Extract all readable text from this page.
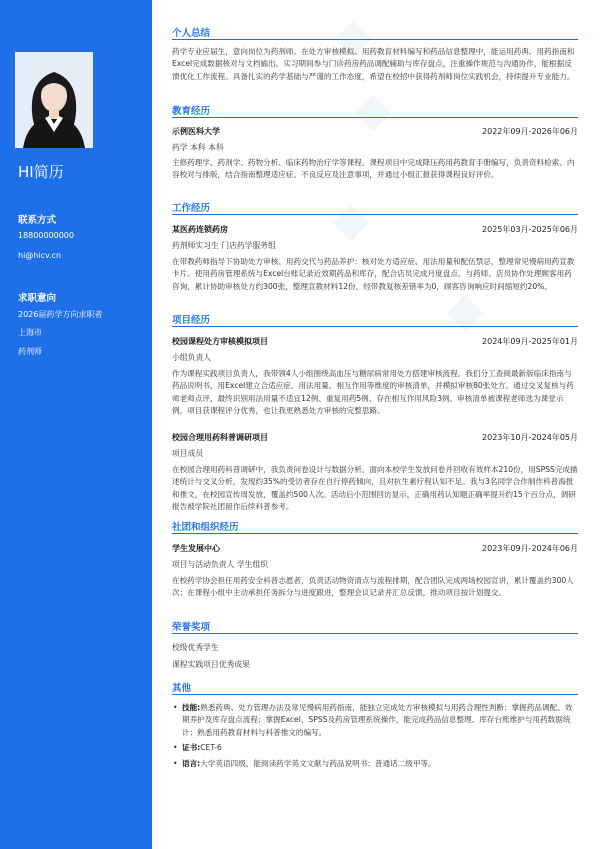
HI简历
联系方式
18800000000
hi@hicv.cn
求职意向
2026届药学方向求职者
上海市
药剂师
个人总结
药学专业应届生，意向岗位为药剂师。在处方审核模拟、用药教育材料编写和药品信息整理中，能运用药典、用药指南和Excel完成数据核对与文档输出。实习期间参与门诊药房药品调配辅助与库存盘点，注重操作规范与沟通协作，能根据反馈优化工作流程。具备扎实的药学基础与严谨的工作态度，希望在校招中获得药剂师岗位实践机会，持续提升专业能力。
教育经历
示例医科大学	2022年09月-2026年06月
药学 本科 本科
主修药理学、药剂学、药物分析、临床药物治疗学等课程。课程项目中完成降压药用药教育手册编写，负责资料检索、内容校对与排版，结合指南整理适应症、不良反应及注意事项，并通过小组汇报获得课程良好评价。
工作经历
某医药连锁药房	2025年03月-2025年06月
药剂师实习生 门店药学服务组
在带教药师指导下协助处方审核、用药交代与药品养护：核对处方适应症、用法用量和配伍禁忌，整理常见慢病用药宣教卡片。使用药房管理系统与Excel台账记录近效期药品和库存，配合店员完成月度盘点。与药师、店员协作处理顾客用药咨询，累计协助审核处方约300张，整理宣教材料12份，经带教复核差错率为0，顾客咨询响应时间缩短约20%。
项目经历
校园课程处方审核模拟项目	2024年09月-2025年01月
小组负责人
作为课程实践项目负责人，我带领4人小组围绕高血压与糖尿病常用处方搭建审核流程。我们分工查阅最新版临床指南与药品说明书，用Excel建立合适应症、用法用量、相互作用等维度的审核清单，并模拟审核80张处方。通过交叉复核与药师老师点评，最终识别用法用量不适宜12例、重复用药5例、存在相互作用风险3例。审核清单被课程老师选为课堂示例，项目获课程评分优秀，也让我更熟悉处方审核的完整思路。
校园合理用药科普调研项目	2023年10月-2024年05月
项目成员
在校园合理用药科普调研中，我负责问卷设计与数据分析。面向本校学生发放问卷并回收有效样本210份，用SPSS完成描述统计与交叉分析，发现约35%的受访者存在自行停药倾向，且对抗生素疗程认知不足。我与3名同学合作制作科普海报和推文，在校园宣传周发放，覆盖约500人次。活动后小范围回访显示，正确用药认知题正确率提升约15个百分点，调研报告被学院社团留作后续科普参考。
社团和组织经历
学生发展中心	2023年09月-2024年06月
项目与活动负责人 学生组织
在校药学协会担任用药安全科普志愿者，负责活动物资清点与流程排期，配合团队完成两场校园宣讲，累计覆盖约300人次；在课程小组中主动承担任务拆分与进度跟进，整理会议记录并汇总反馈，推动项目按计划提交。
荣誉奖项
校级优秀学生
课程实践项目优秀成果
其他
• 技能:熟悉药典、处方管理办法及常见慢病用药指南，能独立完成处方审核模拟与用药合理性判断；掌握药品调配、效期养护及库存盘点流程；掌握Excel、SPSS及药房管理系统操作，能完成药品信息整理、库存台账维护与用药数据统计；熟悉用药教育材料与科普推文的编写。
• 证书:CET-6
• 语言:大学英语四级，能阅读药学英文文献与药品说明书；普通话二级甲等。
